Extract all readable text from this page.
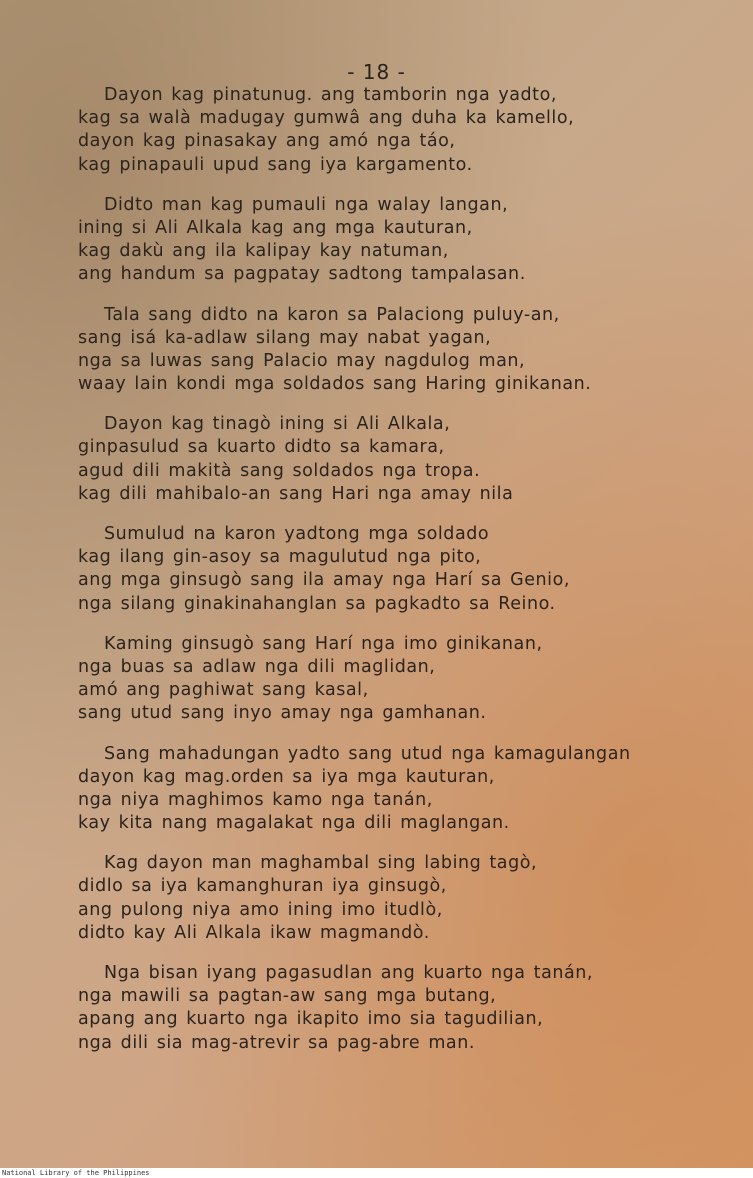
- 18 -
Dayon kag pinatunug. ang tamborin nga yadto,
kag sa walà madugay gumwâ ang duha ka kamello,
dayon kag pinasakay ang amó nga táo,
kag pinapauli upud sang iya kargamento.
Didto man kag pumauli nga walay langan,
ining si Ali Alkala kag ang mga kauturan,
kag dakù ang ila kalipay kay natuman,
ang handum sa pagpatay sadtong tampalasan.
Tala sang didto na karon sa Palaciong puluy-an,
sang isá ka-adlaw silang may nabat yagan,
nga sa luwas sang Palacio may nagdulog man,
waay lain kondi mga soldados sang Haring ginikanan.
Dayon kag tinagò ining si Ali Alkala,
ginpasulud sa kuarto didto sa kamara,
agud dili makità sang soldados nga tropa.
kag dili mahibalo-an sang Hari nga amay nila
Sumulud na karon yadtong mga soldado
kag ilang gin-asoy sa magulutud nga pito,
ang mga ginsugò sang ila amay nga Harí sa Genio,
nga silang ginakinahanglan sa pagkadto sa Reino.
Kaming ginsugò sang Harí nga imo ginikanan,
nga buas sa adlaw nga dili maglidan,
amó ang paghiwat sang kasal,
sang utud sang inyo amay nga gamhanan.
Sang mahadungan yadto sang utud nga kamagulangan
dayon kag mag.orden sa iya mga kauturan,
nga niya maghimos kamo nga tanán,
kay kita nang magalakat nga dili maglangan.
Kag dayon man maghambal sing labing tagò,
didlo sa iya kamanghuran iya ginsugò,
ang pulong niya amo ining imo itudlò,
didto kay Ali Alkala ikaw magmandò.
Nga bisan iyang pagasudlan ang kuarto nga tanán,
nga mawili sa pagtan-aw sang mga butang,
apang ang kuarto nga ikapito imo sia tagudilian,
nga dili sia mag-atrevir sa pag-abre man.
National Library of the Philippines
